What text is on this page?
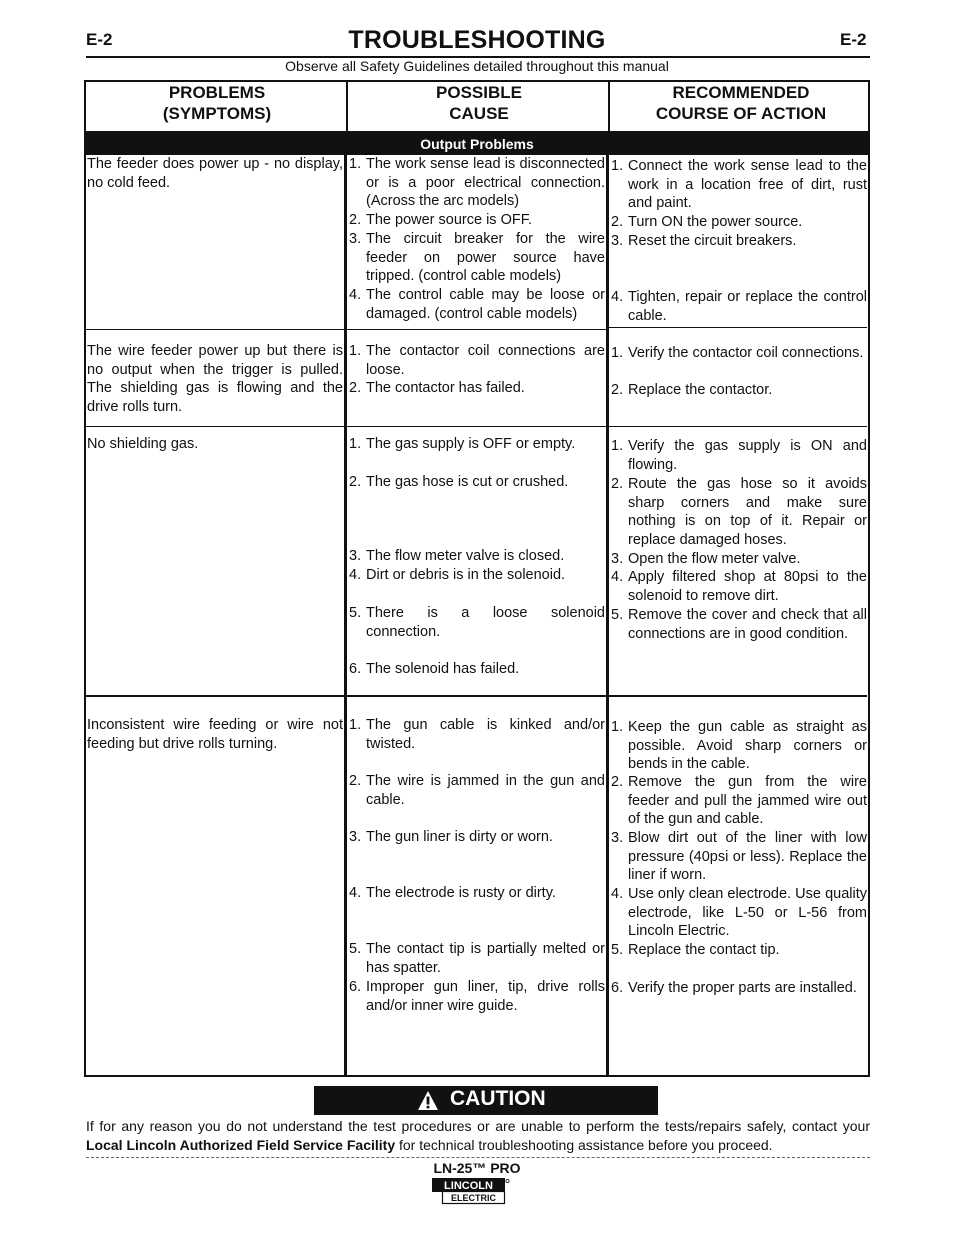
E-2	E-2
TROUBLESHOOTING
Observe all Safety Guidelines detailed throughout this manual
PROBLEMS
(SYMPTOMS)
POSSIBLE
CAUSE
RECOMMENDED
COURSE OF ACTION
Output Problems
The feeder does power up - no display, no cold feed.
1. The work sense lead is disconnected or is a poor electrical connection. (Across the arc models)
2. The power source is OFF.
3. The circuit breaker for the wire feeder on power source have tripped. (control cable models)
4. The control cable may be loose or damaged. (control cable models)
1. Connect the work sense lead to the work in a location free of dirt, rust and paint.
2. Turn ON the power source.
3. Reset the circuit breakers.
4. Tighten, repair or replace the control cable.
The wire feeder power up but there is no output when the trigger is pulled. The shielding gas is flowing and the drive rolls turn.
1. The contactor coil connections are loose.
2. The contactor has failed.
1. Verify the contactor coil connections.
2. Replace the contactor.
No shielding gas.	1. The gas supply is OFF or empty.
2. The gas hose is cut or crushed.
3. The flow meter valve is closed.
4. Dirt or debris is in the solenoid.
5. There is a loose solenoid connection.
6. The solenoid has failed.
1. Verify the gas supply is ON and flowing.
2. Route the gas hose so it avoids sharp corners and make sure nothing is on top of it. Repair or replace damaged hoses.
3. Open the flow meter valve.
4. Apply filtered shop at 80psi to the solenoid to remove dirt.
5. Remove the cover and check that all connections are in good condition.
Inconsistent wire feeding or wire not feeding but drive rolls turning.
1. The gun cable is kinked and/or twisted.
2. The wire is jammed in the gun and cable.
3. The gun liner is dirty or worn.
4. The electrode is rusty or dirty.
5. The contact tip is partially melted or has spatter.
6. Improper gun liner, tip, drive rolls and/or inner wire guide.
1. Keep the gun cable as straight as possible. Avoid sharp corners or bends in the cable.
2. Remove the gun from the wire feeder and pull the jammed wire out of the gun and cable.
3. Blow dirt out of the liner with low pressure (40psi or less). Replace the liner if worn.
4. Use only clean electrode. Use quality electrode, like L-50 or L-56 from Lincoln Electric.
5. Replace the contact tip.
6. Verify the proper parts are installed.
CAUTION
If for any reason you do not understand the test procedures or are unable to perform the tests/repairs safely, contact your Local Lincoln Authorized Field Service Facility for technical troubleshooting assistance before you proceed.
LN-25™ PRO
LINCOLN
ELECTRIC
